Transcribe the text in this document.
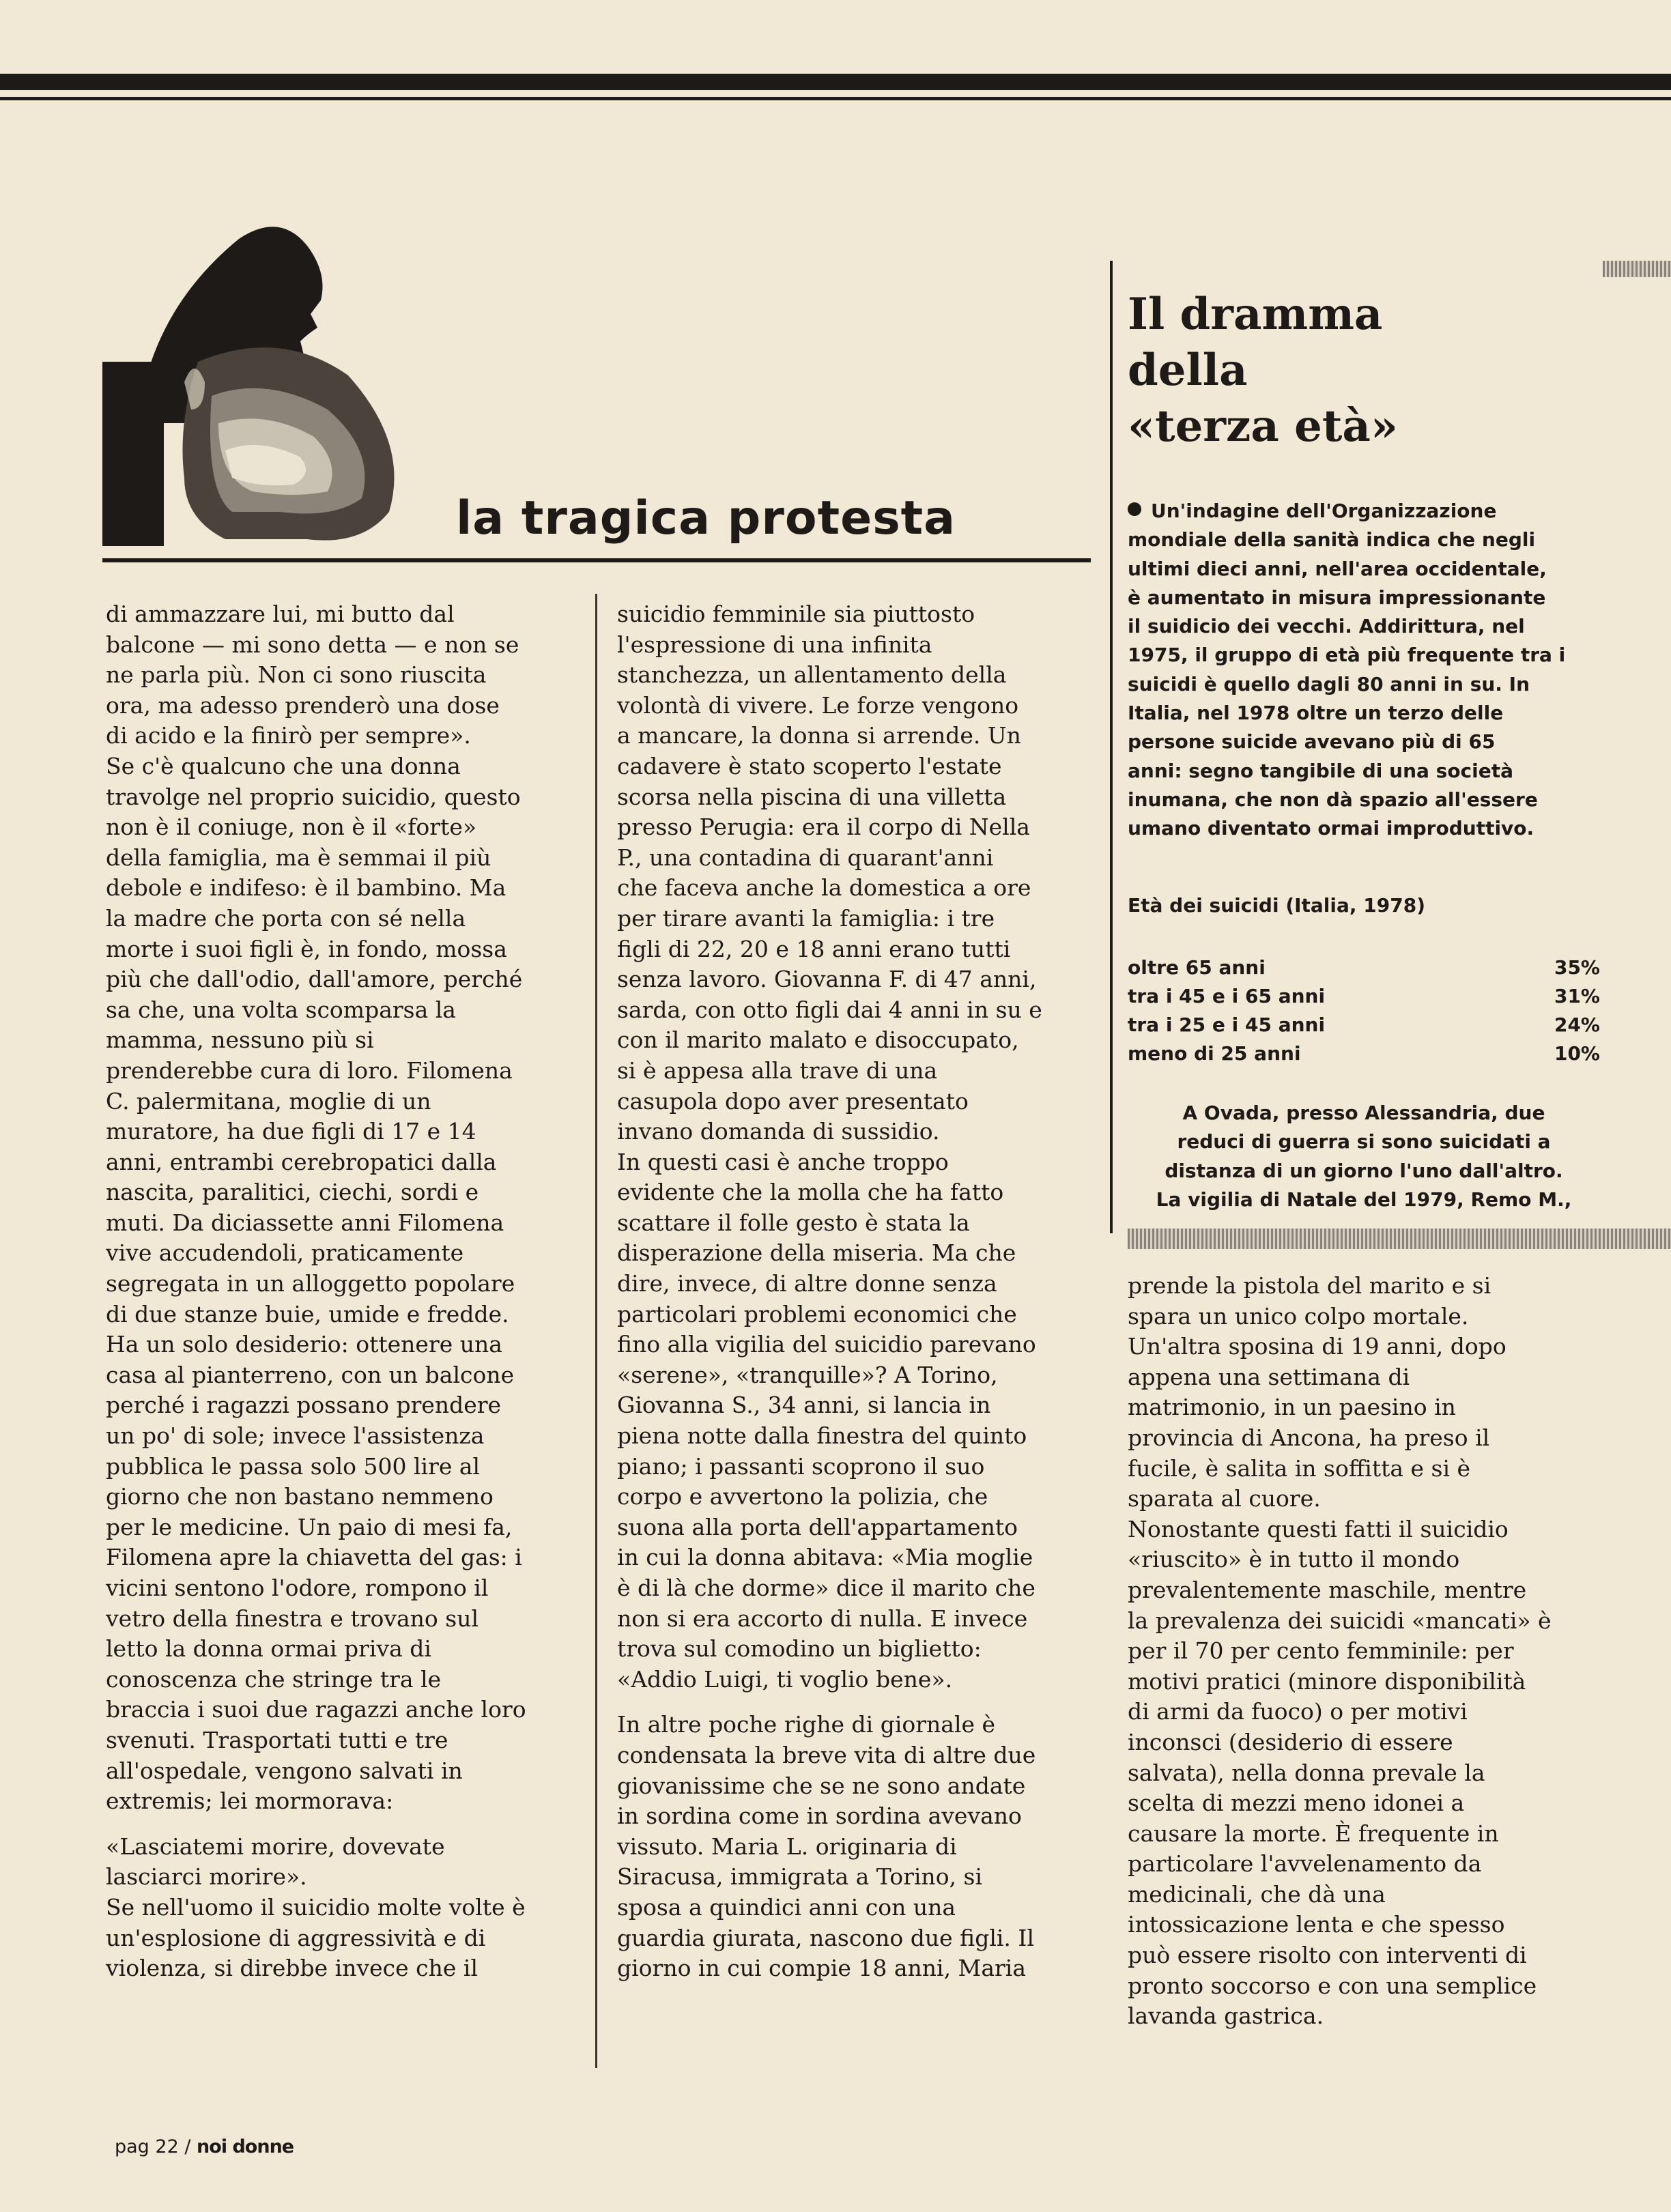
la tragica protesta
di ammazzare lui, mi butto dal
balcone — mi sono detta — e non se
ne parla più. Non ci sono riuscita
ora, ma adesso prenderò una dose
di acido e la finirò per sempre».
Se c'è qualcuno che una donna
travolge nel proprio suicidio, questo
non è il coniuge, non è il «forte»
della famiglia, ma è semmai il più
debole e indifeso: è il bambino. Ma
la madre che porta con sé nella
morte i suoi figli è, in fondo, mossa
più che dall'odio, dall'amore, perché
sa che, una volta scomparsa la
mamma, nessuno più si
prenderebbe cura di loro. Filomena
C. palermitana, moglie di un
muratore, ha due figli di 17 e 14
anni, entrambi cerebropatici dalla
nascita, paralitici, ciechi, sordi e
muti. Da diciassette anni Filomena
vive accudendoli, praticamente
segregata in un alloggetto popolare
di due stanze buie, umide e fredde.
Ha un solo desiderio: ottenere una
casa al pianterreno, con un balcone
perché i ragazzi possano prendere
un po' di sole; invece l'assistenza
pubblica le passa solo 500 lire al
giorno che non bastano nemmeno
per le medicine. Un paio di mesi fa,
Filomena apre la chiavetta del gas: i
vicini sentono l'odore, rompono il
vetro della finestra e trovano sul
letto la donna ormai priva di
conoscenza che stringe tra le
braccia i suoi due ragazzi anche loro
svenuti. Trasportati tutti e tre
all'ospedale, vengono salvati in
extremis; lei mormorava:
«Lasciatemi morire, dovevate
lasciarci morire».
Se nell'uomo il suicidio molte volte è
un'esplosione di aggressività e di
violenza, si direbbe invece che il
suicidio femminile sia piuttosto
l'espressione di una infinita
stanchezza, un allentamento della
volontà di vivere. Le forze vengono
a mancare, la donna si arrende. Un
cadavere è stato scoperto l'estate
scorsa nella piscina di una villetta
presso Perugia: era il corpo di Nella
P., una contadina di quarant'anni
che faceva anche la domestica a ore
per tirare avanti la famiglia: i tre
figli di 22, 20 e 18 anni erano tutti
senza lavoro. Giovanna F. di 47 anni,
sarda, con otto figli dai 4 anni in su e
con il marito malato e disoccupato,
si è appesa alla trave di una
casupola dopo aver presentato
invano domanda di sussidio.
In questi casi è anche troppo
evidente che la molla che ha fatto
scattare il folle gesto è stata la
disperazione della miseria. Ma che
dire, invece, di altre donne senza
particolari problemi economici che
fino alla vigilia del suicidio parevano
«serene», «tranquille»? A Torino,
Giovanna S., 34 anni, si lancia in
piena notte dalla finestra del quinto
piano; i passanti scoprono il suo
corpo e avvertono la polizia, che
suona alla porta dell'appartamento
in cui la donna abitava: «Mia moglie
è di là che dorme» dice il marito che
non si era accorto di nulla. E invece
trova sul comodino un biglietto:
«Addio Luigi, ti voglio bene».
In altre poche righe di giornale è
condensata la breve vita di altre due
giovanissime che se ne sono andate
in sordina come in sordina avevano
vissuto. Maria L. originaria di
Siracusa, immigrata a Torino, si
sposa a quindici anni con una
guardia giurata, nascono due figli. Il
giorno in cui compie 18 anni, Maria
prende la pistola del marito e si
spara un unico colpo mortale.
Un'altra sposina di 19 anni, dopo
appena una settimana di
matrimonio, in un paesino in
provincia di Ancona, ha preso il
fucile, è salita in soffitta e si è
sparata al cuore.
Nonostante questi fatti il suicidio
«riuscito» è in tutto il mondo
prevalentemente maschile, mentre
la prevalenza dei suicidi «mancati» è
per il 70 per cento femminile: per
motivi pratici (minore disponibilità
di armi da fuoco) o per motivi
inconsci (desiderio di essere
salvata), nella donna prevale la
scelta di mezzi meno idonei a
causare la morte. È frequente in
particolare l'avvelenamento da
medicinali, che dà una
intossicazione lenta e che spesso
può essere risolto con interventi di
pronto soccorso e con una semplice
lavanda gastrica.
Il dramma
della
«terza età»
Un'indagine dell'Organizzazione
mondiale della sanità indica che negli
ultimi dieci anni, nell'area occidentale,
è aumentato in misura impressionante
il suidicio dei vecchi. Addirittura, nel
1975, il gruppo di età più frequente tra i
suicidi è quello dagli 80 anni in su. In
Italia, nel 1978 oltre un terzo delle
persone suicide avevano più di 65
anni: segno tangibile di una società
inumana, che non dà spazio all'essere
umano diventato ormai improduttivo.
Età dei suicidi (Italia, 1978)
oltre 65 anni	35%
tra i 45 e i 65 anni	31%
tra i 25 e i 45 anni	24%
meno di 25 anni	10%
A Ovada, presso Alessandria, due
reduci di guerra si sono suicidati a
distanza di un giorno l'uno dall'altro.
La vigilia di Natale del 1979, Remo M.,
pag 22 / noi donne
